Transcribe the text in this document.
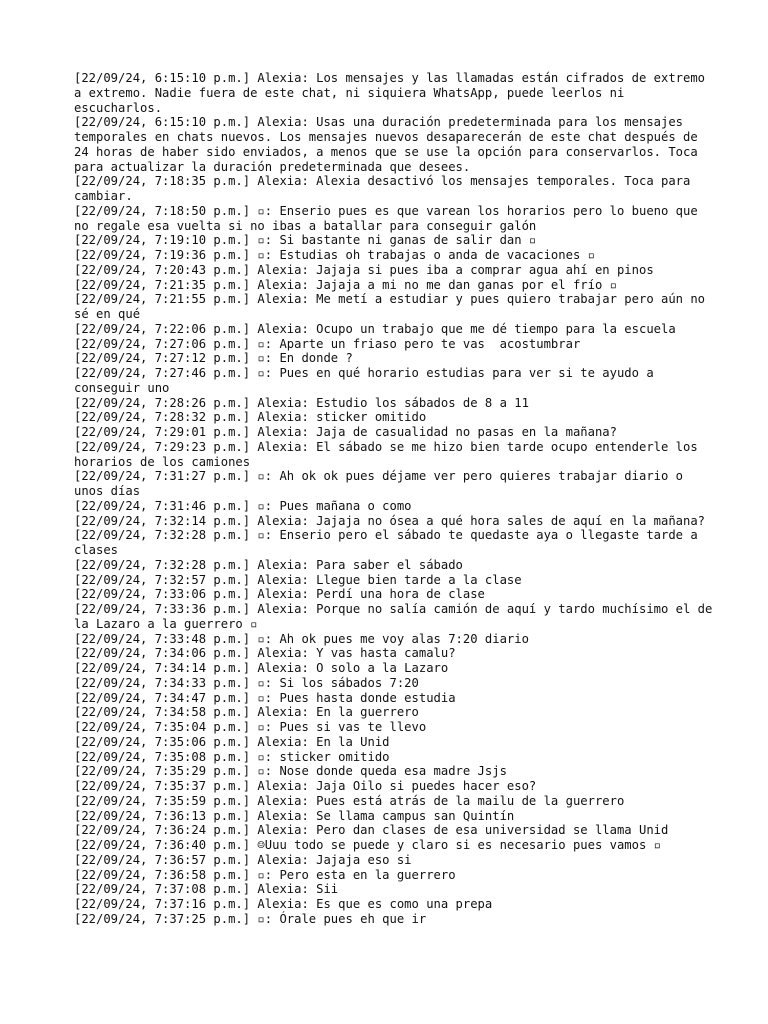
[22/09/24, 6:15:10 p.m.] Alexia: Los mensajes y las llamadas están cifrados de extremo a extremo. Nadie fuera de este chat, ni siquiera WhatsApp, puede leerlos ni escucharlos.

[22/09/24, 6:15:10 p.m.] Alexia: Usas una duración predeterminada para los mensajes temporales en chats nuevos. Los mensajes nuevos desaparecerán de este chat después de 24 horas de haber sido enviados, a menos que se use la opción para conservarlos. Toca para actualizar la duración predeterminada que desees.

[22/09/24, 7:18:35 p.m.] Alexia: Alexia desactivó los mensajes temporales. Toca para cambiar.

[22/09/24, 7:18:50 p.m.] ▫: Enserio pues es que varean los horarios pero lo bueno que no regale esa vuelta si no ibas a batallar para conseguir galón

[22/09/24, 7:19:10 p.m.] ▫: Si bastante ni ganas de salir dan ▫

[22/09/24, 7:19:36 p.m.] ▫: Estudias oh trabajas o anda de vacaciones ▫

[22/09/24, 7:20:43 p.m.] Alexia: Jajaja si pues iba a comprar agua ahí en pinos

[22/09/24, 7:21:35 p.m.] Alexia: Jajaja a mi no me dan ganas por el frío ▫

[22/09/24, 7:21:55 p.m.] Alexia: Me metí a estudiar y pues quiero trabajar pero aún no sé en qué

[22/09/24, 7:22:06 p.m.] Alexia: Ocupo un trabajo que me dé tiempo para la escuela

[22/09/24, 7:27:06 p.m.] ▫: Aparte un friaso pero te vas  acostumbrar

[22/09/24, 7:27:12 p.m.] ▫: En donde ?

[22/09/24, 7:27:46 p.m.] ▫: Pues en qué horario estudias para ver si te ayudo a conseguir uno

[22/09/24, 7:28:26 p.m.] Alexia: Estudio los sábados de 8 a 11

[22/09/24, 7:28:32 p.m.] Alexia: sticker omitido

[22/09/24, 7:29:01 p.m.] Alexia: Jaja de casualidad no pasas en la mañana?

[22/09/24, 7:29:23 p.m.] Alexia: El sábado se me hizo bien tarde ocupo entenderle los horarios de los camiones

[22/09/24, 7:31:27 p.m.] ▫: Ah ok ok pues déjame ver pero quieres trabajar diario o unos días

[22/09/24, 7:31:46 p.m.] ▫: Pues mañana o como

[22/09/24, 7:32:14 p.m.] Alexia: Jajaja no ósea a qué hora sales de aquí en la mañana?

[22/09/24, 7:32:28 p.m.] ▫: Enserio pero el sábado te quedaste aya o llegaste tarde a clases

[22/09/24, 7:32:28 p.m.] Alexia: Para saber el sábado

[22/09/24, 7:32:57 p.m.] Alexia: Llegue bien tarde a la clase

[22/09/24, 7:33:06 p.m.] Alexia: Perdí una hora de clase

[22/09/24, 7:33:36 p.m.] Alexia: Porque no salía camión de aquí y tardo muchísimo el de la Lazaro a la guerrero ▫

[22/09/24, 7:33:48 p.m.] ▫: Ah ok pues me voy alas 7:20 diario

[22/09/24, 7:34:06 p.m.] Alexia: Y vas hasta camalu?

[22/09/24, 7:34:14 p.m.] Alexia: O solo a la Lazaro

[22/09/24, 7:34:33 p.m.] ▫: Si los sábados 7:20

[22/09/24, 7:34:47 p.m.] ▫: Pues hasta donde estudia

[22/09/24, 7:34:58 p.m.] Alexia: En la guerrero

[22/09/24, 7:35:04 p.m.] ▫: Pues si vas te llevo

[22/09/24, 7:35:06 p.m.] Alexia: En la Unid

[22/09/24, 7:35:08 p.m.] ▫: sticker omitido

[22/09/24, 7:35:29 p.m.] ▫: Nose donde queda esa madre Jsjs

[22/09/24, 7:35:37 p.m.] Alexia: Jaja Oilo si puedes hacer eso?

[22/09/24, 7:35:59 p.m.] Alexia: Pues está atrás de la mailu de la guerrero

[22/09/24, 7:36:13 p.m.] Alexia: Se llama campus san Quintín

[22/09/24, 7:36:24 p.m.] Alexia: Pero dan clases de esa universidad se llama Unid

[22/09/24, 7:36:40 p.m.] ☺Uuu todo se puede y claro si es necesario pues vamos ▫

[22/09/24, 7:36:57 p.m.] Alexia: Jajaja eso si

[22/09/24, 7:36:58 p.m.] ▫: Pero esta en la guerrero

[22/09/24, 7:37:08 p.m.] Alexia: Sii

[22/09/24, 7:37:16 p.m.] Alexia: Es que es como una prepa

[22/09/24, 7:37:25 p.m.] ▫: Órale pues eh que ir
